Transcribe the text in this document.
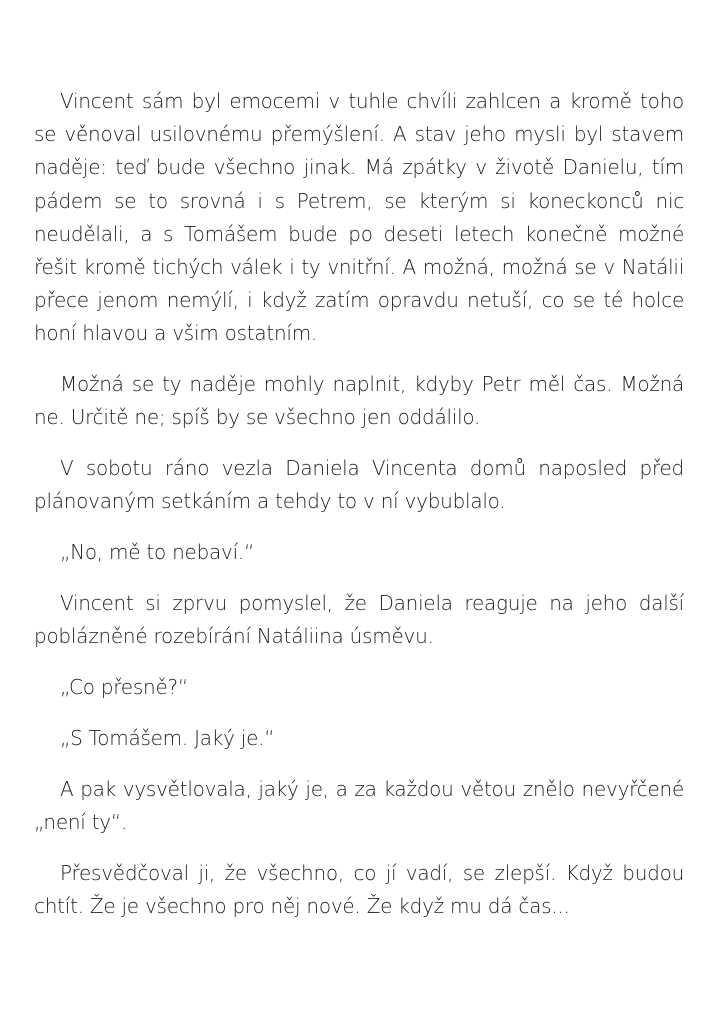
Vincent sám byl emocemi v tuhle chvíli zahlcen a kromě toho se věnoval usilovnému přemýšlení. A stav jeho mysli byl stavem naděje: teď bude všechno jinak. Má zpátky v životě Danielu, tím pádem se to srovná i s Petrem, se kterým si koneckonců nic neudělali, a s Tomášem bude po deseti letech konečně možné řešit kromě tichých válek i ty vnitřní. A možná, možná se v Natálii přece jenom nemýlí, i když zatím opravdu netuší, co se té holce honí hlavou a všim ostatním.

Možná se ty naděje mohly naplnit, kdyby Petr měl čas. Možná ne. Určitě ne; spíš by se všechno jen oddálilo.

V sobotu ráno vezla Daniela Vincenta domů naposled před plánovaným setkáním a tehdy to v ní vybublalo.

„No, mě to nebaví.“

Vincent si zprvu pomyslel, že Daniela reaguje na jeho další poblázněné rozebírání Natáliina úsměvu.

„Co přesně?“

„S Tomášem. Jaký je.“

A pak vysvětlovala, jaký je, a za každou větou znělo nevyřčené „není ty“.

Přesvědčoval ji, že všechno, co jí vadí, se zlepší. Když budou chtít. Že je všechno pro něj nové. Že když mu dá čas...
